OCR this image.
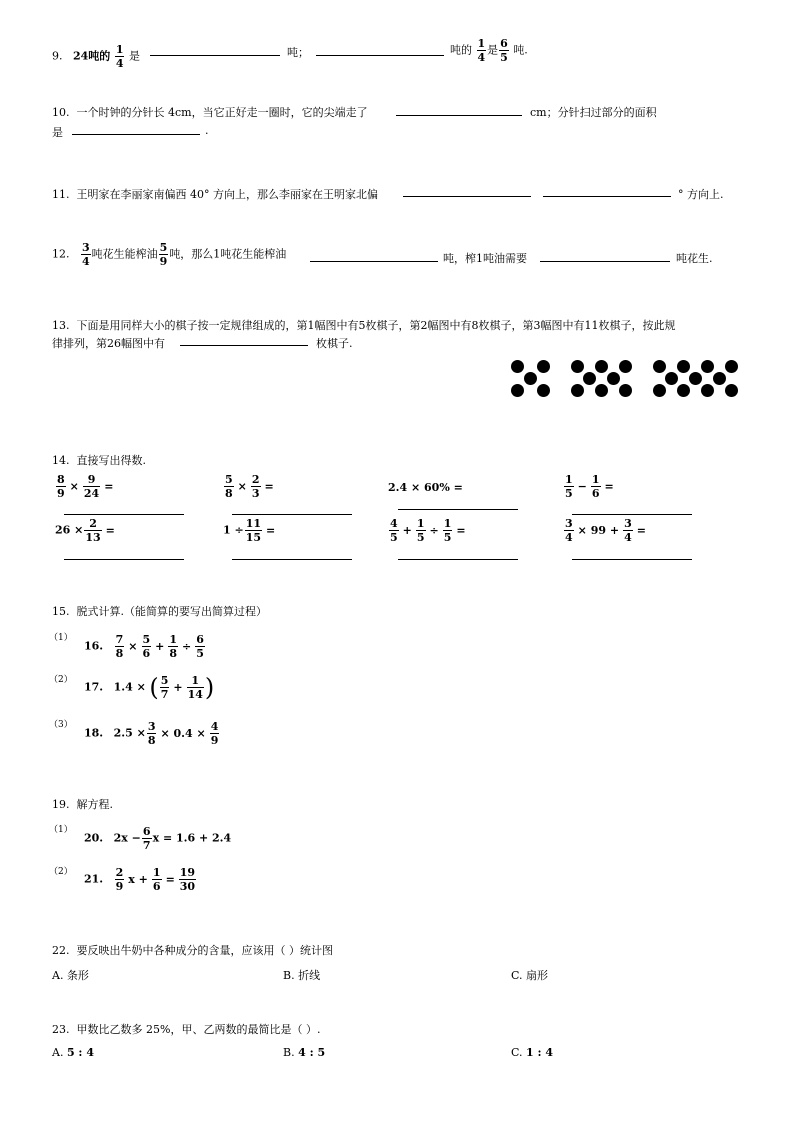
9. 24吨的 $\frac{1}{4}$ 是	吨；	吨的 $\frac{1}{4}$ 是 $\frac{6}{5}$ 吨.
10. 一个时钟的分针长 4cm，当它正好走一圈时，它的尖端走了	cm；分针扫过部分的面积
是	.
11. 王明家在李丽家南偏西 40° 方向上，那么李丽家在王明家北偏	° 方向上.
12. $\frac{3}{4}$ 吨花生能榨油 $\frac{5}{9}$ 吨，那么1吨花生能榨油	吨，榨1吨油需要	吨花生.
13. 下面是用同样大小的棋子按一定规律组成的，第1幅图中有5枚棋子，第2幅图中有8枚棋子，第3幅图中有11枚棋子，按此规
律排列，第26幅图中有	枚棋子.
14. 直接写出得数.
$\frac{8}{9} \times \frac{9}{24}$ =	$\frac{5}{8} \times \frac{2}{3}$ =	2.4 × 60% =	$\frac{1}{5} - \frac{1}{6}$ =
$26 \times \frac{2}{13}$ =	$1 \div \frac{11}{15}$ =	$\frac{4}{5} + \frac{1}{5} \div \frac{1}{5}$ =	$\frac{3}{4} \times 99 + \frac{3}{4}$ =
15. 脱式计算.（能简算的要写出简算过程）
（1）
16. $\frac{7}{8} \times \frac{5}{6} + \frac{1}{8} \div \frac{6}{5}$
（2）
17. 1.4 × ( $\frac{5}{7} + \frac{1}{14}$ )
（3）
18. $2.5 \times \frac{3}{8} \times 0.4 \times \frac{4}{9}$
19. 解方程.
（1）
20. $2x - \frac{6}{7}$ x = 1.6 + 2.4
（2）
21. $\frac{2}{9}$ $x + \frac{1}{6} = \frac{19}{30}$
22. 要反映出牛奶中各种成分的含量，应该用（ ）统计图
A. 条形	B. 折线	C. 扇形
23. 甲数比乙数多 25%，甲、乙两数的最简比是（ ）.
A. 5 : 4	B. 4 : 5	C. 1 : 4
